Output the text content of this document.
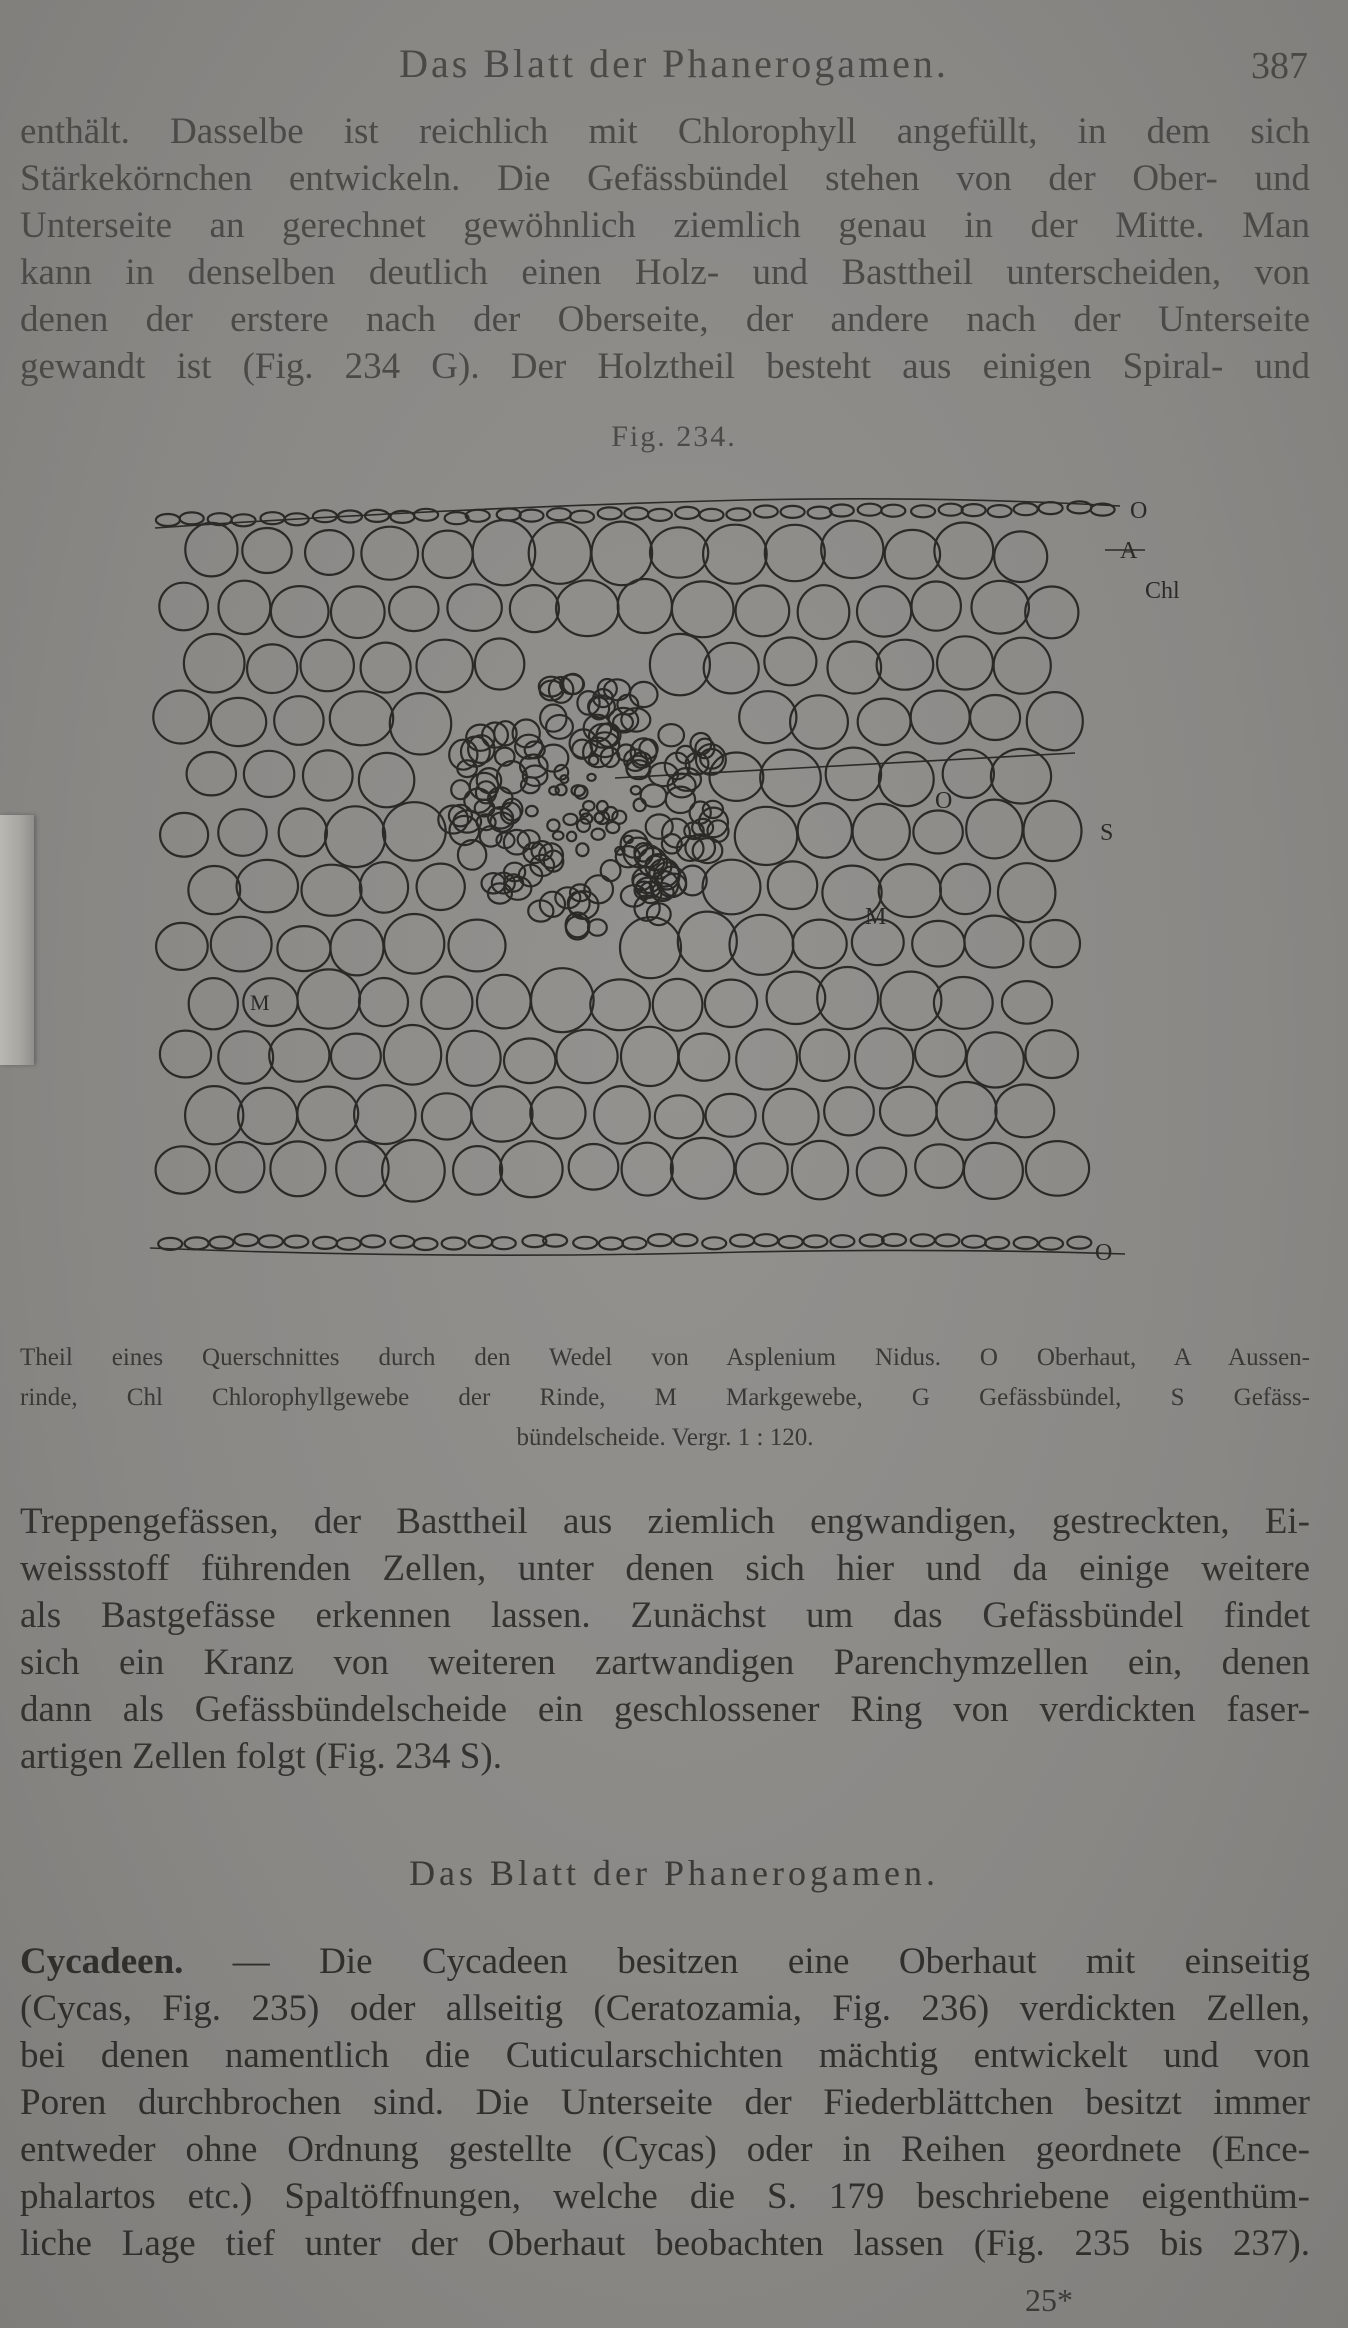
Das Blatt der Phanerogamen.	387

enthält. Dasselbe ist reichlich mit Chlorophyll angefüllt, in dem sich
Stärkekörnchen entwickeln. Die Gefässbündel stehen von der Ober- und
Unterseite an gerechnet gewöhnlich ziemlich genau in der Mitte. Man
kann in denselben deutlich einen Holz- und Basttheil unterscheiden, von
denen der erstere nach der Oberseite, der andere nach der Unterseite
gewandt ist (Fig. 234 G). Der Holztheil besteht aus einigen Spiral- und

Fig. 234.
O
A
Chl
O
S
M
M
O
Theil eines Querschnittes durch den Wedel von Asplenium Nidus. O Oberhaut, A Aussen-
rinde, Chl Chlorophyllgewebe der Rinde, M Markgewebe, G Gefässbündel, S Gefäss-
bündelscheide. Vergr. 1 : 120.

Treppengefässen, der Basttheil aus ziemlich engwandigen, gestreckten, Ei-
weissstoff führenden Zellen, unter denen sich hier und da einige weitere
als Bastgefässe erkennen lassen. Zunächst um das Gefässbündel findet
sich ein Kranz von weiteren zartwandigen Parenchymzellen ein, denen
dann als Gefässbündelscheide ein geschlossener Ring von verdickten faser-
artigen Zellen folgt (Fig. 234 S).

Das Blatt der Phanerogamen.

Cycadeen. — Die Cycadeen besitzen eine Oberhaut mit einseitig
(Cycas, Fig. 235) oder allseitig (Ceratozamia, Fig. 236) verdickten Zellen,
bei denen namentlich die Cuticularschichten mächtig entwickelt und von
Poren durchbrochen sind. Die Unterseite der Fiederblättchen besitzt immer
entweder ohne Ordnung gestellte (Cycas) oder in Reihen geordnete (Ence-
phalartos etc.) Spaltöffnungen, welche die S. 179 beschriebene eigenthüm-
liche Lage tief unter der Oberhaut beobachten lassen (Fig. 235 bis 237).

25*
